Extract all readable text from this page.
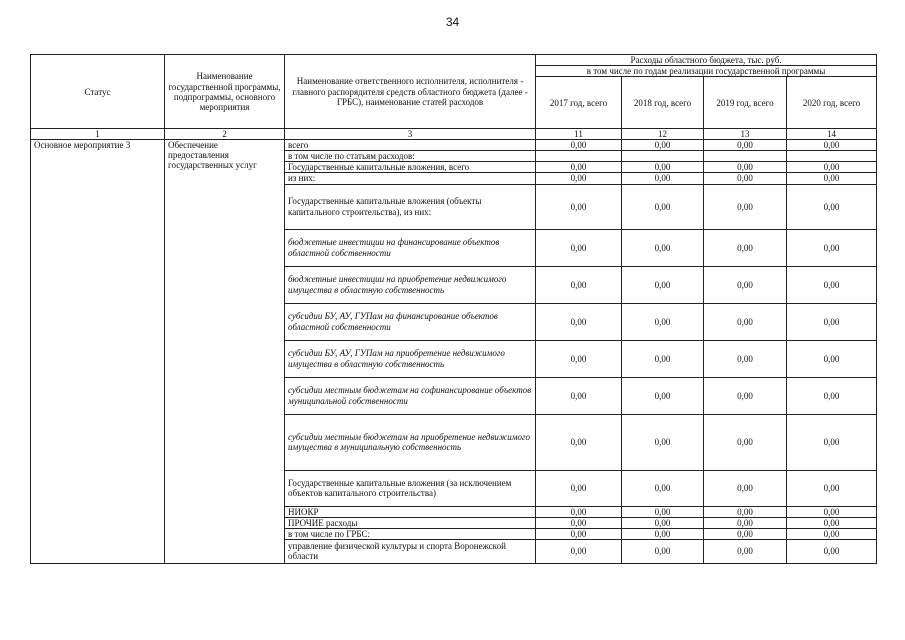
34
Статус	Наименование государственной программы, подпрограммы, основного мероприятия	Наименование ответственного исполнителя, исполнителя - главного распорядителя средств областного бюджета (далее - ГРБС), наименование статей расходов	Расходы областного бюджета, тыс. руб.			
			в том числе по годам реализации государственной программы			
			2017 год, всего	2018 год, всего	2019 год, всего	2020 год, всего
1	2	3	11	12	13	14
Основное мероприятие 3	Обеспечение предоставления государственных услуг	всего	0,00	0,00	0,00	0,00
		в том числе по статьям расходов:				
		Государственные капитальные вложения, всего	0,00	0,00	0,00	0,00
		из них:	0,00	0,00	0,00	0,00
		Государственные капитальные вложения (объекты капитального строительства), из них:	0,00	0,00	0,00	0,00
		бюджетные инвестиции на финансирование объектов областной собственности	0,00	0,00	0,00	0,00
		бюджетные инвестиции на приобретение недвижимого имущества в областную собственность	0,00	0,00	0,00	0,00
		субсидии БУ, АУ, ГУПам на финансирование объектов областной собственности	0,00	0,00	0,00	0,00
		субсидии БУ, АУ, ГУПам на приобретение недвижимого имущества в областную собственность	0,00	0,00	0,00	0,00
		субсидии местным бюджетам на софинансирование объектов муниципальной собственности	0,00	0,00	0,00	0,00
		субсидии местным бюджетам на приобретение недвижимого имущества в муниципальную собственность	0,00	0,00	0,00	0,00
		Государственные капитальные вложения (за исключением объектов капитального строительства)	0,00	0,00	0,00	0,00
		НИОКР	0,00	0,00	0,00	0,00
		ПРОЧИЕ расходы	0,00	0,00	0,00	0,00
		в том числе по ГРБС:	0,00	0,00	0,00	0,00
		управление физической культуры и спорта Воронежской области	0,00	0,00	0,00	0,00
